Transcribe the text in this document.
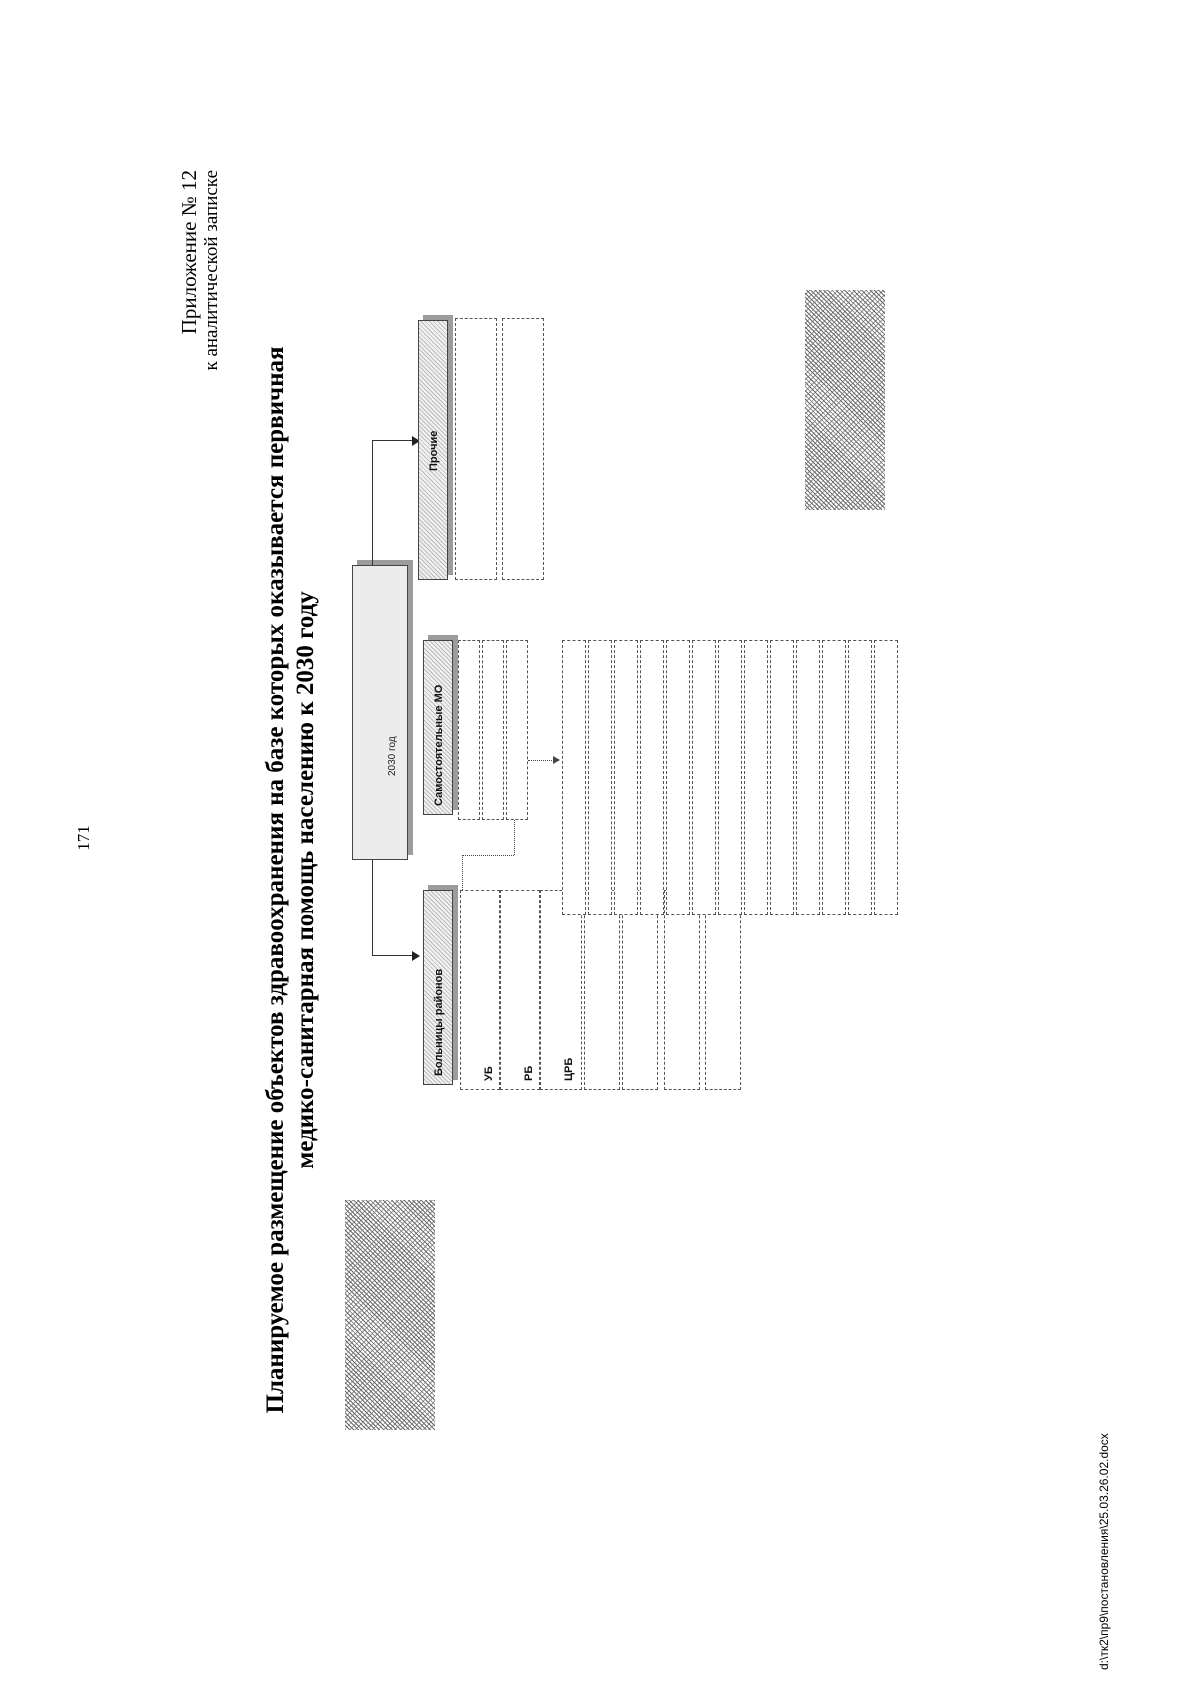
171
Приложение № 12 к аналитической записке
Планируемое размещение объектов здравоохранения на базе которых оказывается первичная медико-санитарная помощь населению к 2030 году	2030 год
Больницы районов
Самостоятельные МО
Прочие
УБ	РБ	ЦРБ
d:\тк2\пр9\постановления\25.03.26.02.docx
